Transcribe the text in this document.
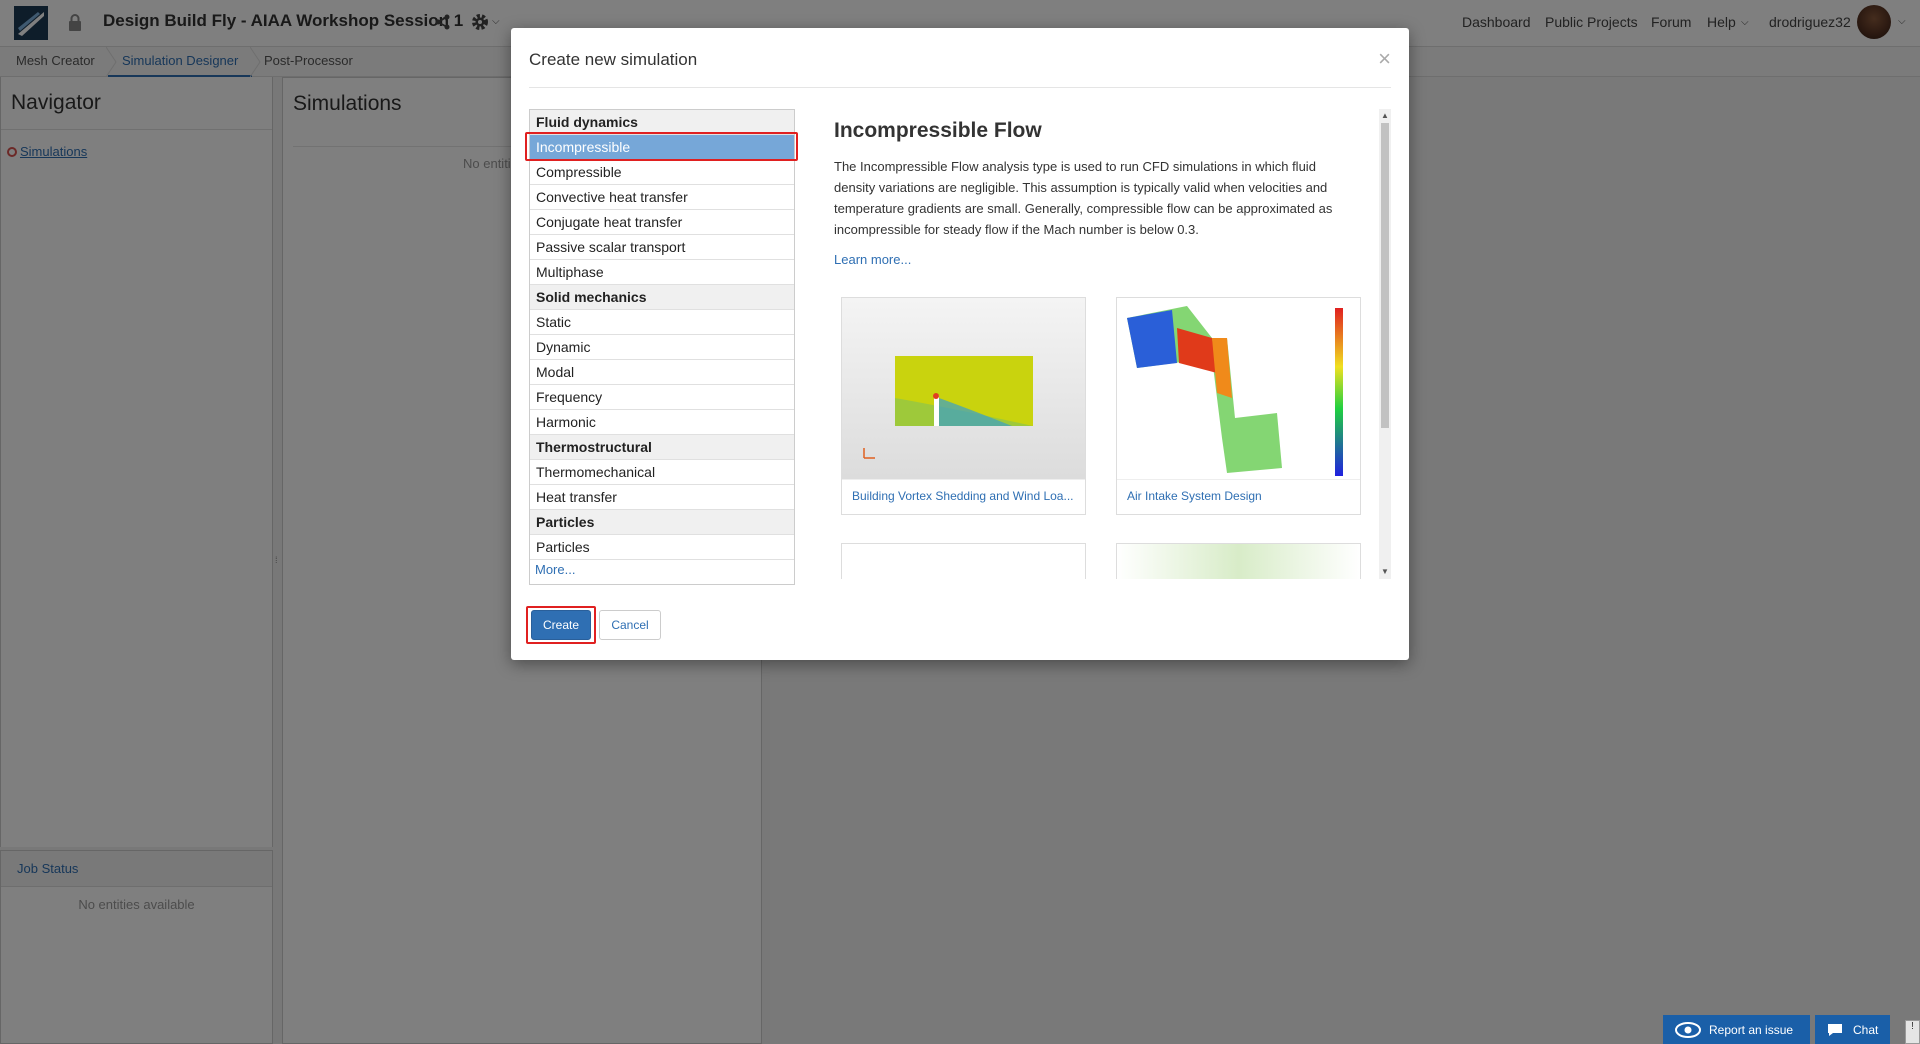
Create new simulation	×
Fluid dynamics
Incompressible
Compressible
Convective heat transfer
Conjugate heat transfer
Passive scalar transport
Multiphase
Solid mechanics
Static
Dynamic
Modal
Frequency
Harmonic
Thermostructural
Thermomechanical
Heat transfer
Particles
Particles
More...
Incompressible Flow
The Incompressible Flow analysis type is used to run CFD simulations in which fluid density variations are negligible. This assumption is typically valid when velocities and temperature gradients are small. Generally, compressible flow can be approximated as incompressible for steady flow if the Mach number is below 0.3.
Learn more...
Building Vortex Shedding and Wind Loa...	Air Intake System Design
▲
▼
Create	Cancel
Report an issue	Chat	!
